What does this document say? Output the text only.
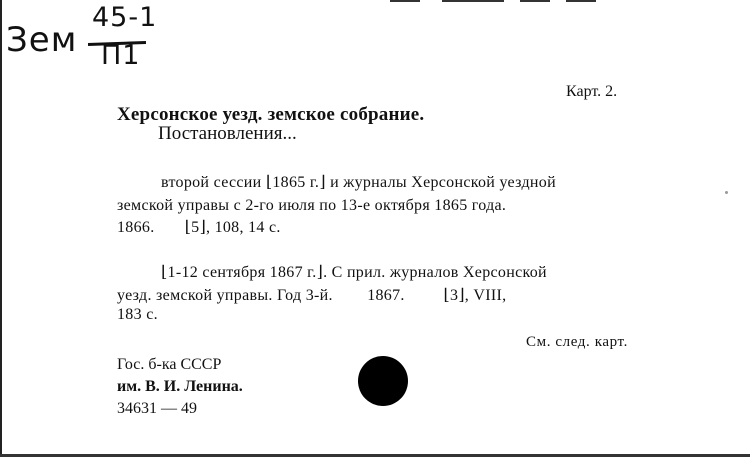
Зем
45-1
П1
Карт. 2.
Херсонское уезд. земское собрание.
Постановления...
второй сессии ⌊1865 г.⌋ и журналы Херсонской уездной
земской управы с 2-го июля по 13-е октября 1865 года.
1866.       ⌊5⌋, 108, 14 с.
⌊1-12 сентября 1867 г.⌋. С прил. журналов Херсонской
уезд. земской управы. Год 3-й.        1867.         ⌊3⌋, VIII,
183 с.
См. след. карт.
Гос. б-ка СССР
им. В. И. Ленина.
34631 — 49
